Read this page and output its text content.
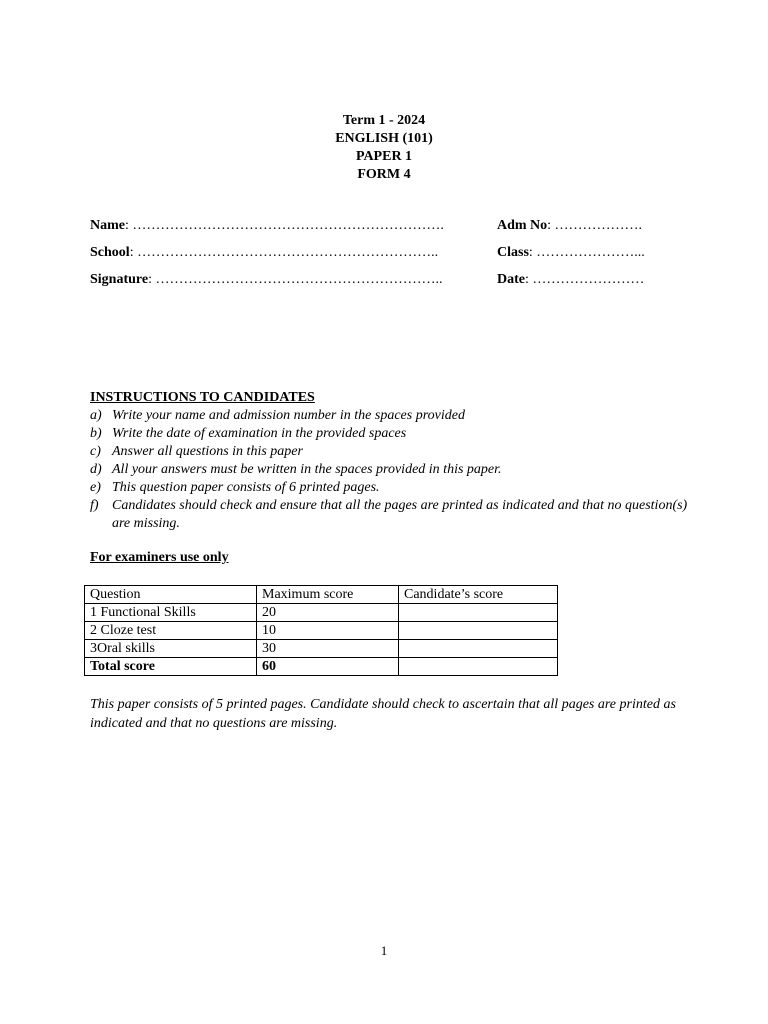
Term 1 - 2024
ENGLISH (101)
PAPER 1
FORM 4
Name: ………………………………………………………….	Adm No: ……………….
School: ………………………………………………………..	Class: …………………...
Signature: ……………………………………………………..	Date: ……………………
INSTRUCTIONS TO CANDIDATES
a) Write your name and admission number in the spaces provided
b) Write the date of examination in the provided spaces
c) Answer all questions in this paper
d) All your answers must be written in the spaces provided in this paper.
e) This question paper consists of 6 printed pages.
f) Candidates should check and ensure that all the pages are printed as indicated and that no question(s) are missing.
For examiners use only
Question	Maximum score	Candidate’s score
1 Functional Skills	20	
2 Cloze test	10	
3Oral skills	30	
Total score	60	
This paper consists of 5 printed pages. Candidate should check to ascertain that all pages are printed as indicated and that no questions are missing.
1
